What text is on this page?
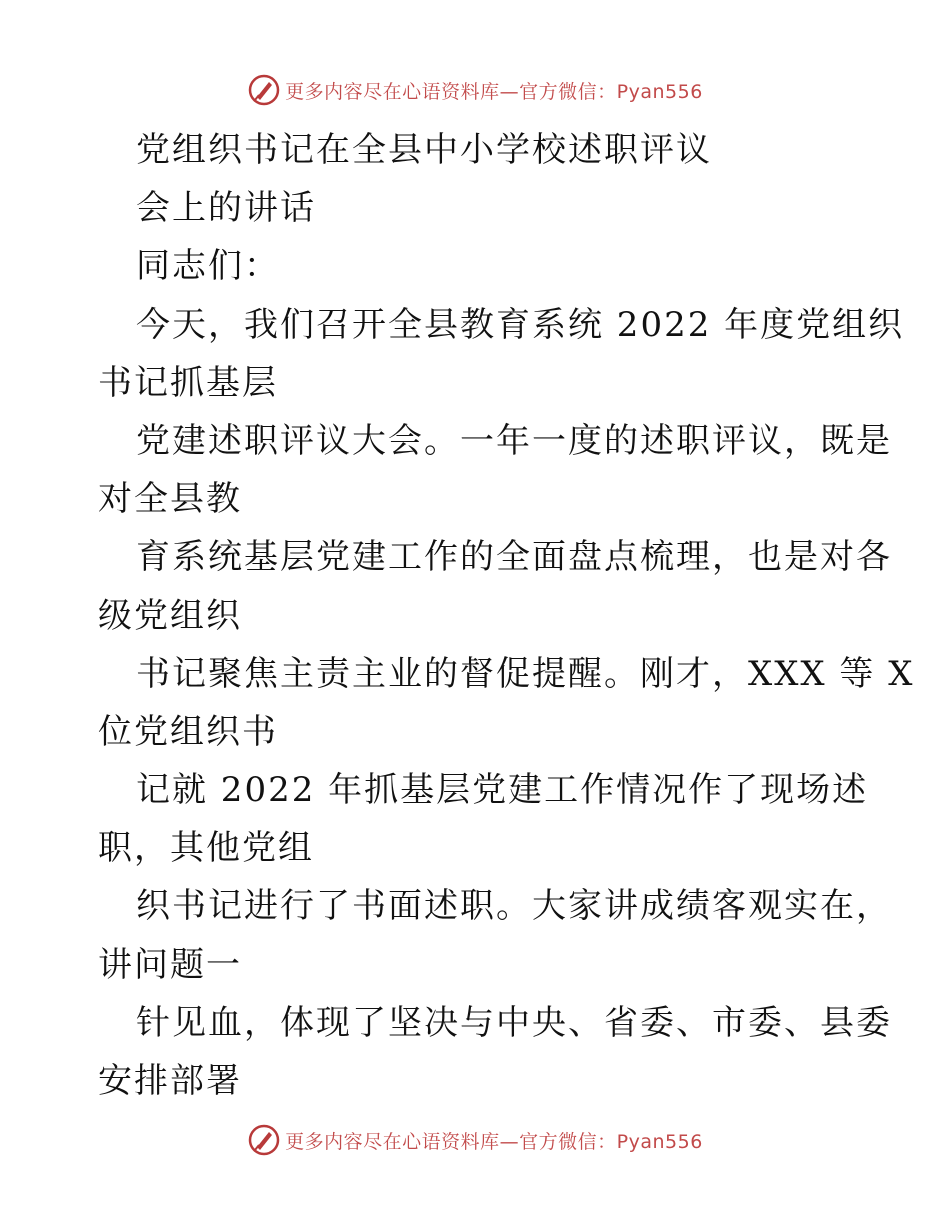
更多内容尽在心语资料库—官方微信：Pyan556
党组织书记在全县中小学校述职评议
会上的讲话
同志们：
今天，我们召开全县教育系统 2022 年度党组织
书记抓基层
党建述职评议大会。一年一度的述职评议，既是
对全县教
育系统基层党建工作的全面盘点梳理，也是对各
级党组织
书记聚焦主责主业的督促提醒。刚才，XXX 等 X
位党组织书
记就 2022 年抓基层党建工作情况作了现场述
职，其他党组
织书记进行了书面述职。大家讲成绩客观实在，
讲问题一
针见血，体现了坚决与中央、省委、市委、县委
安排部署
更多内容尽在心语资料库—官方微信：Pyan556
